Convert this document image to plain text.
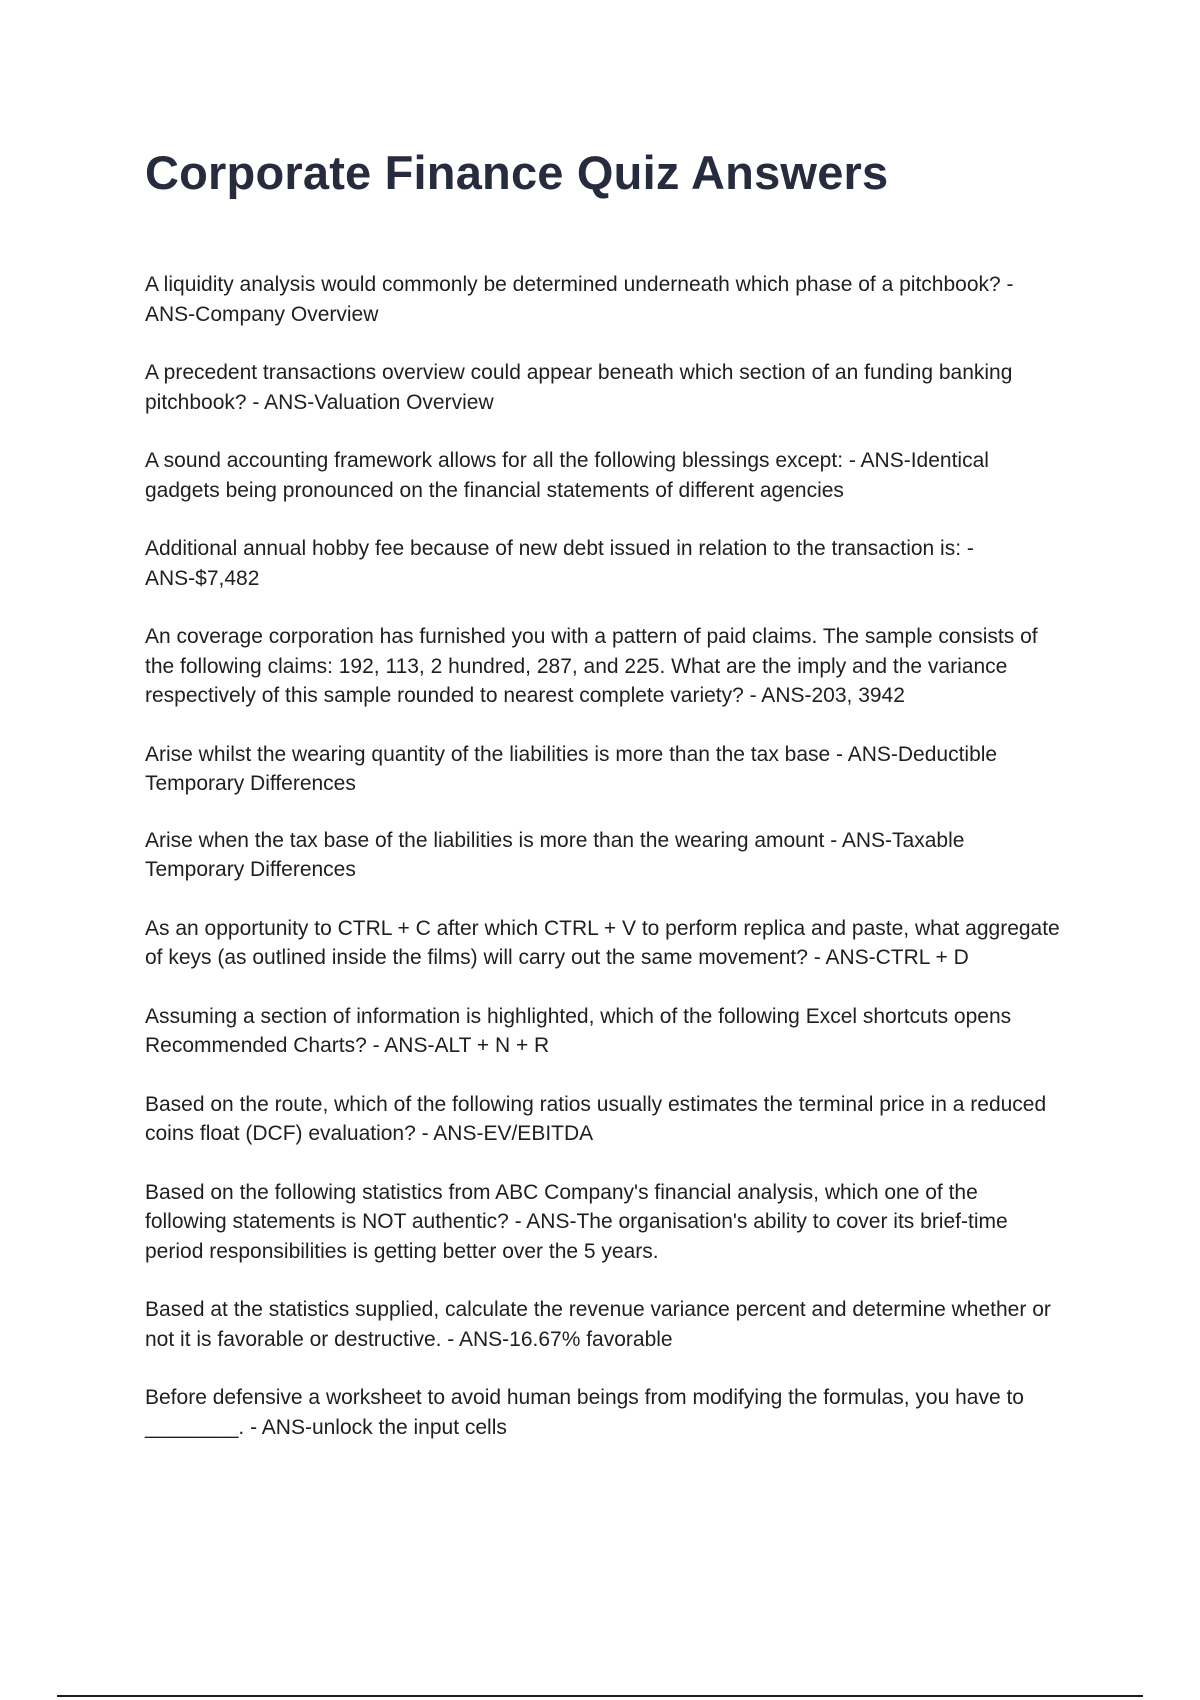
Corporate Finance Quiz Answers
A liquidity analysis would commonly be determined underneath which phase of a pitchbook? - ANS-Company Overview
A precedent transactions overview could appear beneath which section of an funding banking pitchbook? - ANS-Valuation Overview
A sound accounting framework allows for all the following blessings except: - ANS-Identical gadgets being pronounced on the financial statements of different agencies
Additional annual hobby fee because of new debt issued in relation to the transaction is: - ANS-$7,482
An coverage corporation has furnished you with a pattern of paid claims. The sample consists of the following claims: 192, 113, 2 hundred, 287, and 225. What are the imply and the variance respectively of this sample rounded to nearest complete variety? - ANS-203, 3942
Arise whilst the wearing quantity of the liabilities is more than the tax base - ANS-Deductible Temporary Differences
Arise when the tax base of the liabilities is more than the wearing amount - ANS-Taxable Temporary Differences
As an opportunity to CTRL + C after which CTRL + V to perform replica and paste, what aggregate of keys (as outlined inside the films) will carry out the same movement? - ANS-CTRL + D
Assuming a section of information is highlighted, which of the following Excel shortcuts opens Recommended Charts? - ANS-ALT + N + R
Based on the route, which of the following ratios usually estimates the terminal price in a reduced coins float (DCF) evaluation? - ANS-EV/EBITDA
Based on the following statistics from ABC Company's financial analysis, which one of the following statements is NOT authentic? - ANS-The organisation's ability to cover its brief-time period responsibilities is getting better over the 5 years.
Based at the statistics supplied, calculate the revenue variance percent and determine whether or not it is favorable or destructive. - ANS-16.67% favorable
Before defensive a worksheet to avoid human beings from modifying the formulas, you have to ________. - ANS-unlock the input cells
